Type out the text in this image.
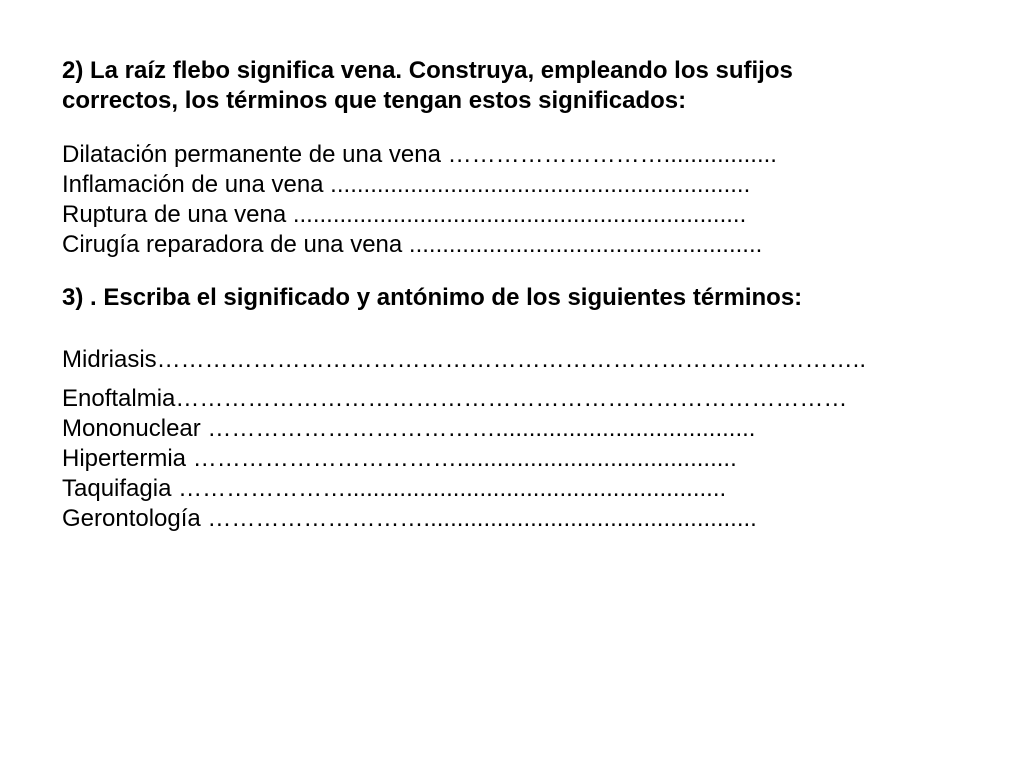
2) La raíz flebo significa vena. Construya, empleando los sufijos
correctos, los términos que tengan estos significados:

Dilatación permanente de una vena ……………………….................

Inflamación de una vena ...............................................................

Ruptura de una vena ....................................................................

Cirugía reparadora de una vena .....................................................

3) . Escriba el significado y antónimo de los siguientes términos:

Midriasis……………………………………………………………………………..

Enoftalmia…………………………………………………………………………

Mononuclear ……………………………….......................................

Hipertermia ……………………………..........................................

Taquifagia ………………….........................................................

Gerontología ………………………..................................................
